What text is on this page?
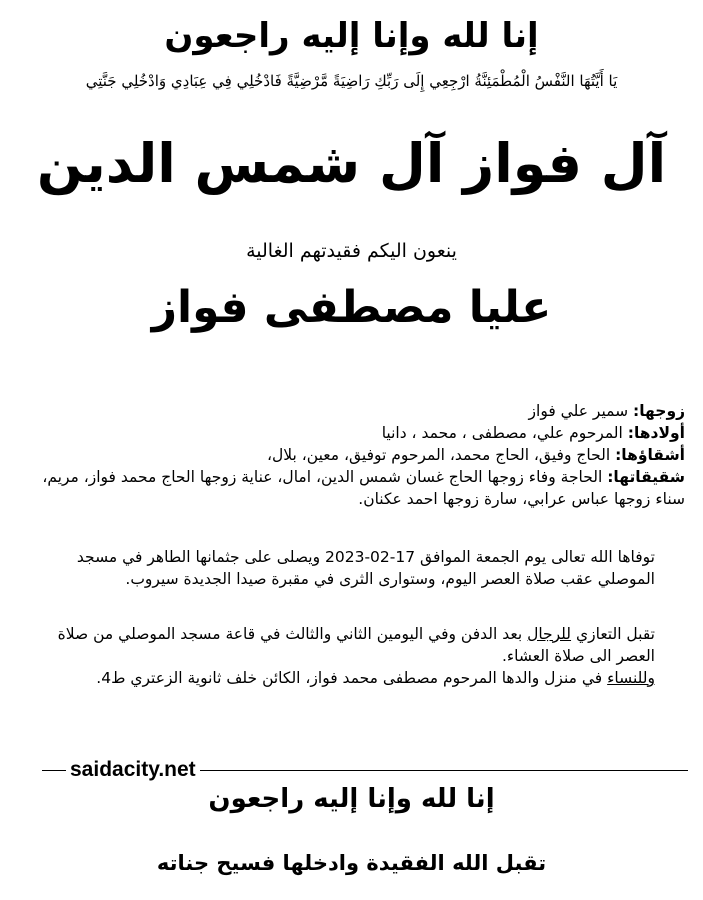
إنا لله وإنا إليه راجعون
يَا أَيَّتُهَا النَّفْسُ الْمُطْمَئِنَّةُ ارْجِعِي إِلَى رَبِّكِ رَاضِيَةً مَّرْضِيَّةً فَادْخُلِي فِي عِبَادِي وَادْخُلِي جَنَّتِي
آل فواز آل شمس الدين
ينعون اليكم فقيدتهم الغالية
عليا مصطفى فواز

زوجها: سمير علي فواز

أولادها: المرحوم علي، مصطفى ، محمد ، دانيا

أشقاؤها: الحاج وفيق، الحاج محمد، المرحوم توفيق، معين، بلال،

شقيقاتها: الحاجة وفاء زوجها الحاج غسان شمس الدين، امال، عناية زوجها الحاج محمد فواز، مريم،

سناء زوجها عباس عرابي، سارة زوجها احمد عكنان.

توفاها الله تعالى يوم الجمعة الموافق 17-02-2023 ويصلى على جثمانها الطاهر في مسجد

الموصلي عقب صلاة العصر اليوم، وستوارى الثرى في مقبرة صيدا الجديدة سيروب.

تقبل التعازي للرجال بعد الدفن وفي اليومين الثاني والثالث في قاعة مسجد الموصلي من صلاة

العصر الى صلاة العشاء.

وللنساء في منزل والدها المرحوم مصطفى محمد فواز، الكائن خلف ثانوية الزعتري ط4.

saidacity.net
إنا لله وإنا إليه راجعون
تقبل الله الفقيدة وادخلها فسيح جناته
